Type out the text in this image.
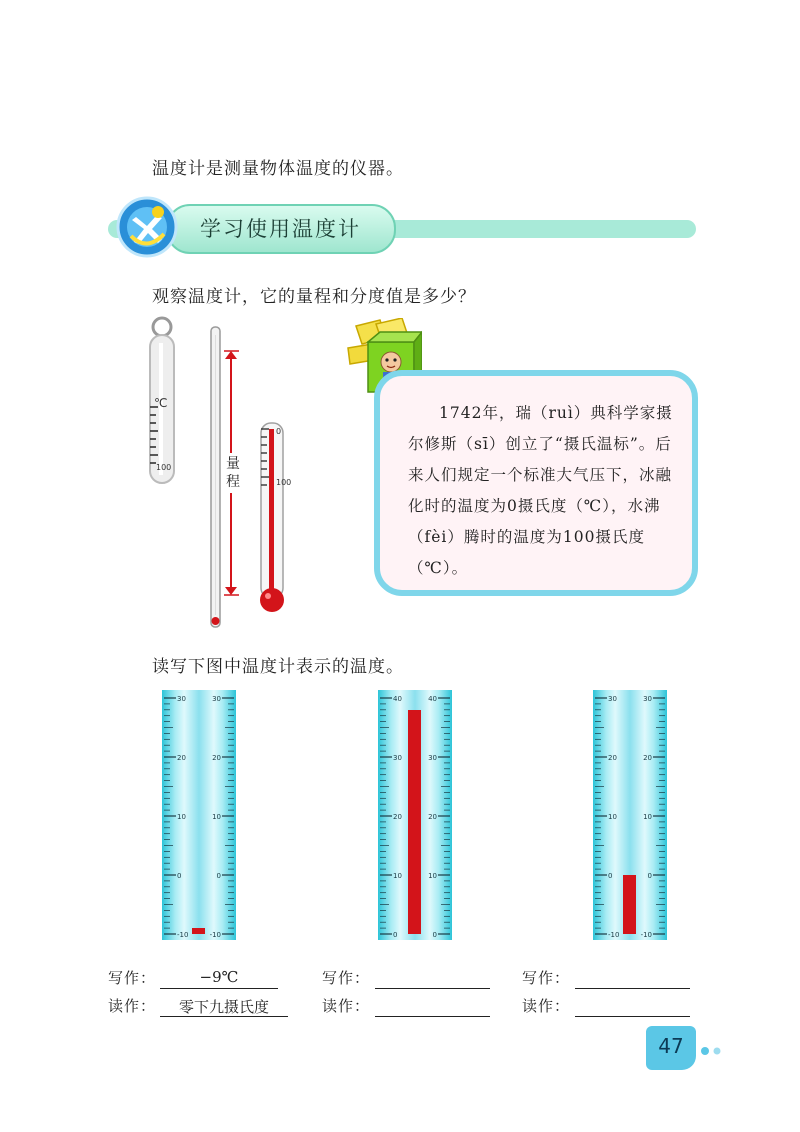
温度计是测量物体温度的仪器。
学习使用温度计
观察温度计，它的量程和分度值是多少？
℃
100
0
100
量程
1742年，瑞（ruì）典科学家摄尔修斯（sī）创立了“摄氏温标”。后来人们规定一个标准大气压下，冰融化时的温度为0摄氏度（℃），水沸（fèi）腾时的温度为100摄氏度（℃）。
读写下图中温度计表示的温度。
30	30
20	20
10	10
0	0
-10	-10
40	40
30	30
20	20
10	10
0	0
30	30
20	20
10	10
0	0
-10	-10
写作：	−9℃
读作：	零下九摄氏度
写作：
读作：
写作：
读作：
47
